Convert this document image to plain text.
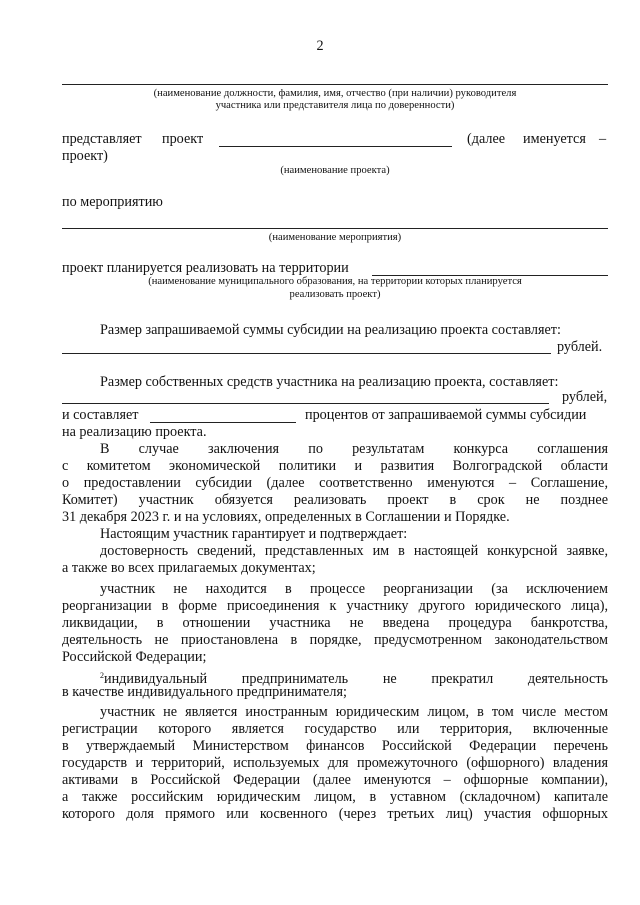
2
(наименование должности, фамилия, имя, отчество (при наличии) руководителя
участника или представителя лица по доверенности)
представляет проект	(далее именуется –
проект)
(наименование проекта)
по мероприятию
(наименование мероприятия)
проект планируется реализовать на территории
(наименование муниципального образования, на территории которых планируется
реализовать проект)
Размер запрашиваемой суммы субсидии на реализацию проекта составляет:
рублей.
Размер собственных средств участника на реализацию проекта, составляет:
рублей,
и составляет	процентов от запрашиваемой суммы субсидии
на реализацию проекта.
В случае заключения по результатам конкурса соглашения
с комитетом экономической политики и развития Волгоградской области
о предоставлении субсидии (далее соответственно именуются – Соглашение,
Комитет) участник обязуется реализовать проект в срок не позднее
31 декабря 2023 г. и на условиях, определенных в Соглашении и Порядке.
Настоящим участник гарантирует и подтверждает:
достоверность сведений, представленных им в настоящей конкурсной заявке,
а также во всех прилагаемых документах;
участник не находится в процессе реорганизации (за исключением
реорганизации в форме присоединения к участнику другого юридического лица),
ликвидации, в отношении участника не введена процедура банкротства,
деятельность не приостановлена в порядке, предусмотренном законодательством
Российской Федерации;
$^2$индивидуальный предприниматель не прекратил деятельность
в качестве индивидуального предпринимателя;
участник не является иностранным юридическим лицом, в том числе местом
регистрации которого является государство или территория, включенные
в утверждаемый Министерством финансов Российской Федерации перечень
государств и территорий, используемых для промежуточного (офшорного) владения
активами в Российской Федерации (далее именуются – офшорные компании),
а также российским юридическим лицом, в уставном (складочном) капитале
которого доля прямого или косвенного (через третьих лиц) участия офшорных
